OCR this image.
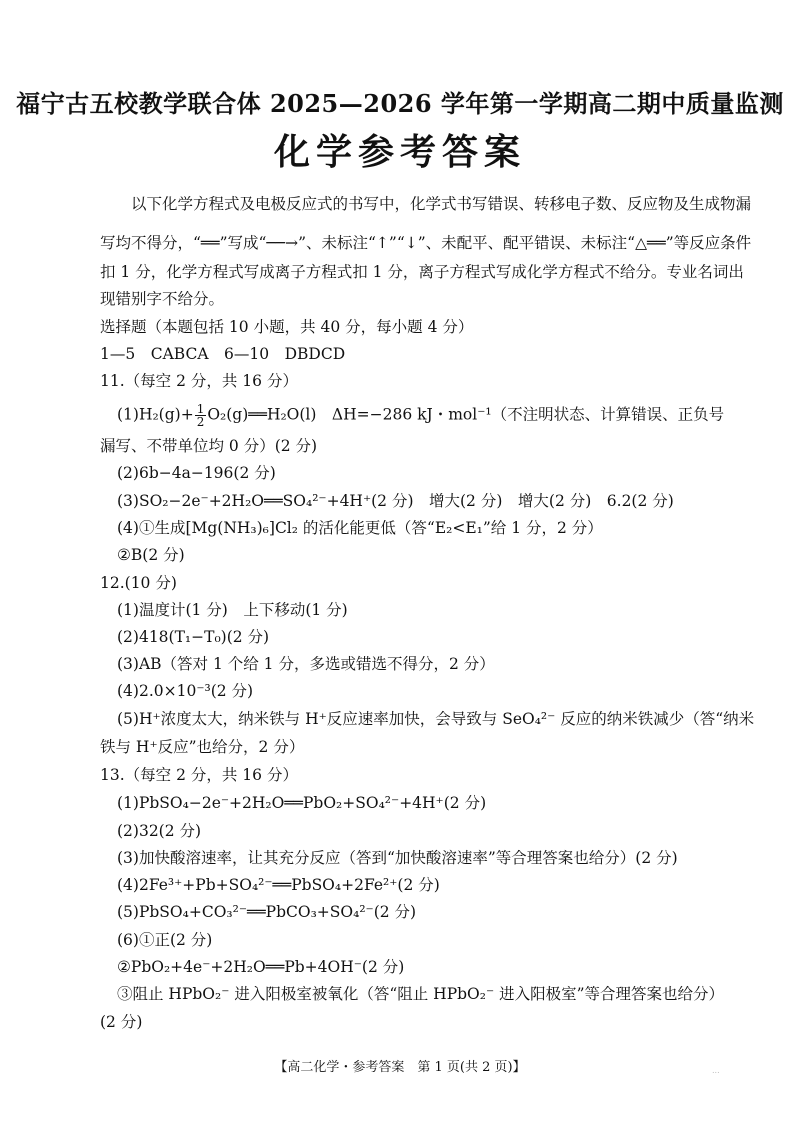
福宁古五校教学联合体 2025—2026 学年第一学期高二期中质量监测
化学参考答案
以下化学方程式及电极反应式的书写中，化学式书写错误、转移电子数、反应物及生成物漏
写均不得分，“══”写成“──→”、未标注“↑”“↓”、未配平、配平错误、未标注“△══”等反应条件
扣 1 分，化学方程式写成离子方程式扣 1 分，离子方程式写成化学方程式不给分。专业名词出
现错别字不给分。
选择题（本题包括 10 小题，共 40 分，每小题 4 分）
1—5　CABCA　6—10　DBDCD
11.（每空 2 分，共 16 分）
$(1)H_2(g)+ \frac{1}{2}$ O₂(g)══H₂O(l)　ΔH=−286 kJ・mol⁻¹（不注明状态、计算错误、正负号
漏写、不带单位均 0 分）(2 分)
(2)6b−4a−196(2 分)
(3)SO₂−2e⁻+2H₂O══SO₄²⁻+4H⁺(2 分)　增大(2 分)　增大(2 分)　6.2(2 分)
(4)①生成[Mg(NH₃)₆]Cl₂ 的活化能更低（答“E₂<E₁”给 1 分，2 分）
②B(2 分)
12.(10 分)
(1)温度计(1 分)　上下移动(1 分)
(2)418(T₁−T₀)(2 分)
(3)AB（答对 1 个给 1 分，多选或错选不得分，2 分）
(4)2.0×10⁻³(2 分)
(5)H⁺浓度太大，纳米铁与 H⁺反应速率加快，会导致与 SeO₄²⁻ 反应的纳米铁减少（答“纳米
铁与 H⁺反应”也给分，2 分）
13.（每空 2 分，共 16 分）
(1)PbSO₄−2e⁻+2H₂O══PbO₂+SO₄²⁻+4H⁺(2 分)
(2)32(2 分)
(3)加快酸溶速率，让其充分反应（答到“加快酸溶速率”等合理答案也给分）(2 分)
(4)2Fe³⁺+Pb+SO₄²⁻══PbSO₄+2Fe²⁺(2 分)
(5)PbSO₄+CO₃²⁻══PbCO₃+SO₄²⁻(2 分)
(6)①正(2 分)
②PbO₂+4e⁻+2H₂O══Pb+4OH⁻(2 分)
③阻止 HPbO₂⁻ 进入阳极室被氧化（答“阻止 HPbO₂⁻ 进入阳极室”等合理答案也给分）
(2 分)
【高二化学・参考答案　第 1 页(共 2 页)】	...
